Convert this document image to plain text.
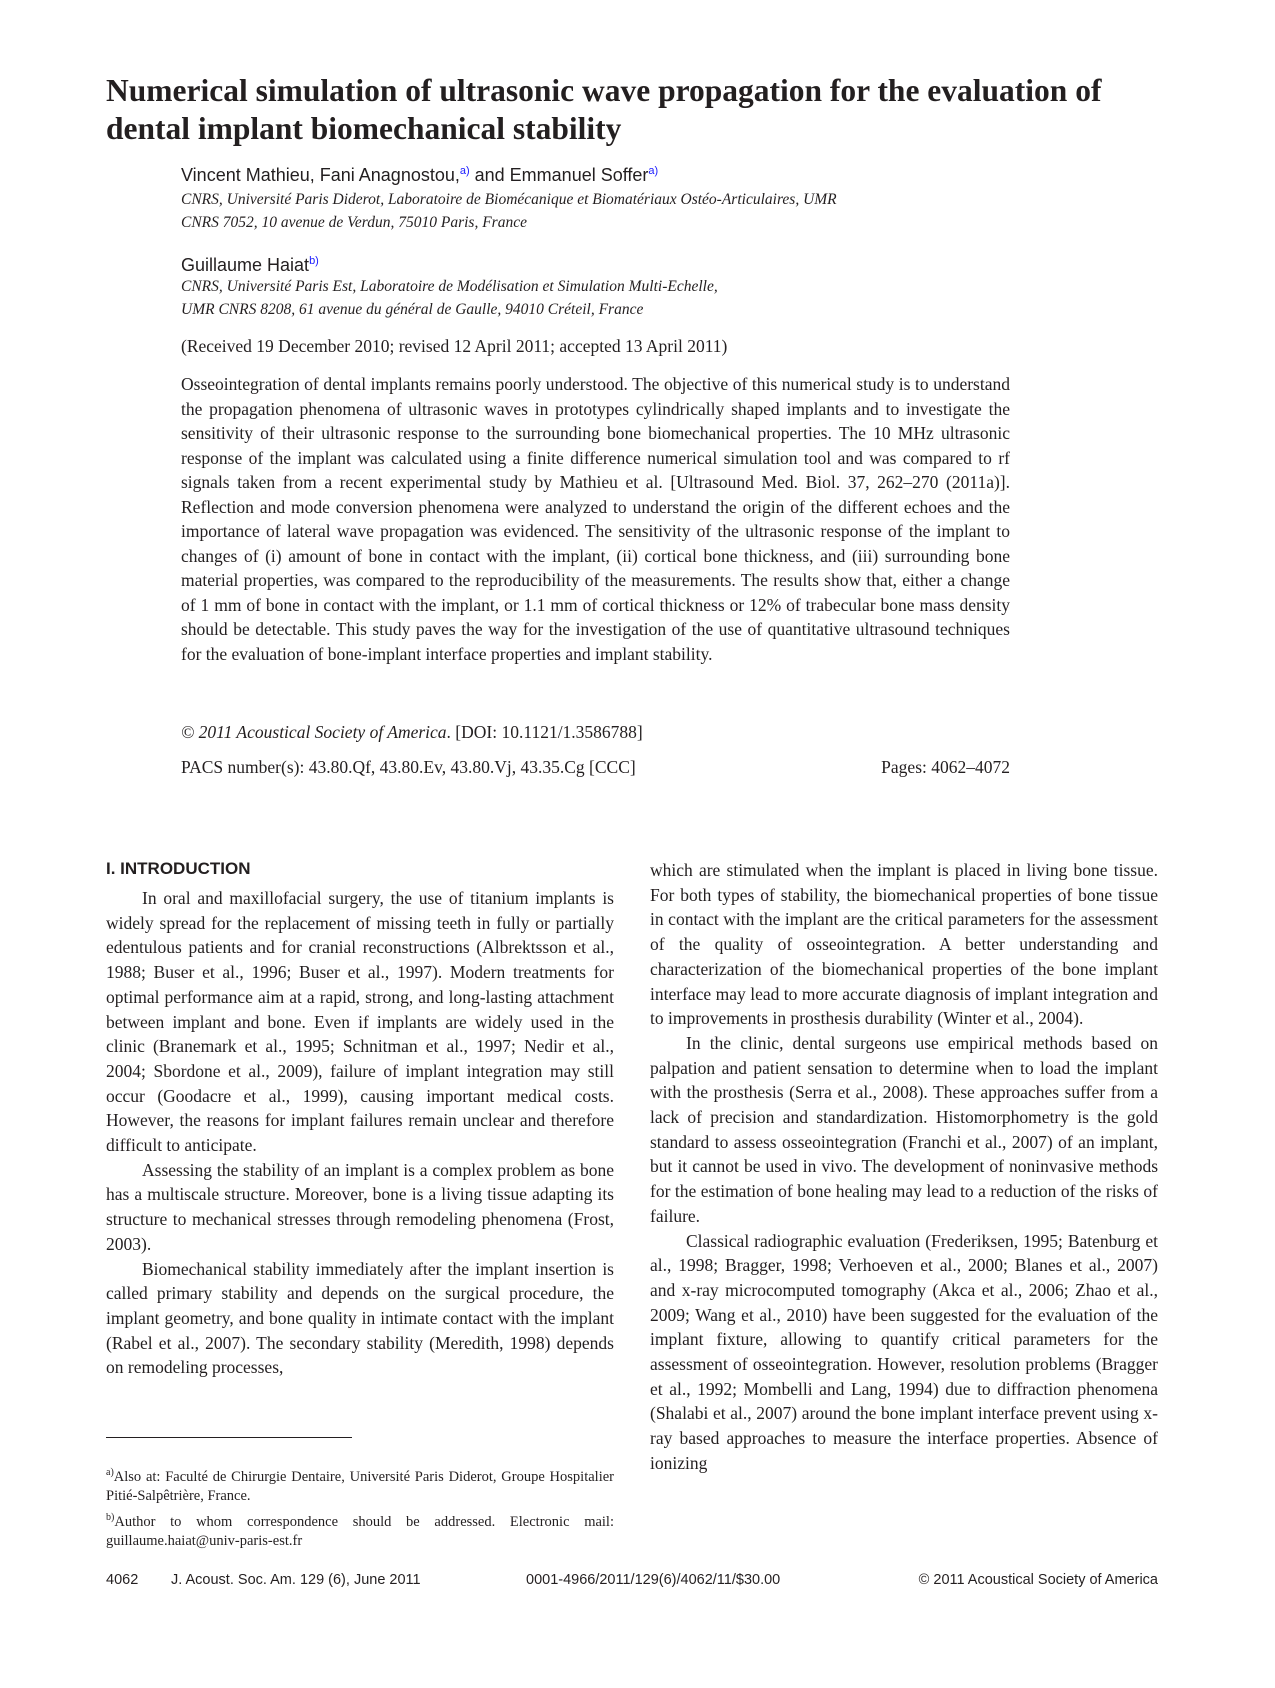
Numerical simulation of ultrasonic wave propagation for the evaluation of dental implant biomechanical stability
Vincent Mathieu, Fani Anagnostou,$^{a)}$ and Emmanuel Soffer$^{a)}$
CNRS, Université Paris Diderot, Laboratoire de Biomécanique et Biomatériaux Ostéo-Articulaires, UMR
CNRS 7052, 10 avenue de Verdun, 75010 Paris, France
Guillaume Haiat$^{b)}$
CNRS, Université Paris Est, Laboratoire de Modélisation et Simulation Multi-Echelle,
UMR CNRS 8208, 61 avenue du général de Gaulle, 94010 Créteil, France
(Received 19 December 2010; revised 12 April 2011; accepted 13 April 2011)

Osseointegration of dental implants remains poorly understood. The objective of this numerical study is to understand the propagation phenomena of ultrasonic waves in prototypes cylindrically shaped implants and to investigate the sensitivity of their ultrasonic response to the surrounding bone biomechanical properties. The 10 MHz ultrasonic response of the implant was calculated using a finite difference numerical simulation tool and was compared to rf signals taken from a recent experimental study by Mathieu et al. [Ultrasound Med. Biol. 37, 262–270 (2011a)]. Reflection and mode conversion phenomena were analyzed to understand the origin of the different echoes and the importance of lateral wave propagation was evidenced. The sensitivity of the ultrasonic response of the implant to changes of (i) amount of bone in contact with the implant, (ii) cortical bone thickness, and (iii) surrounding bone material properties, was compared to the reproducibility of the measurements. The results show that, either a change of 1 mm of bone in contact with the implant, or 1.1 mm of cortical thickness or 12% of trabecular bone mass density should be detectable. This study paves the way for the investigation of the use of quantitative ultrasound techniques for the evaluation of bone-implant interface properties and implant stability.

© 2011 Acoustical Society of America. [DOI: 10.1121/1.3586788]
PACS number(s): 43.80.Qf, 43.80.Ev, 43.80.Vj, 43.35.Cg [CCC]	Pages: 4062–4072
I. INTRODUCTION

In oral and maxillofacial surgery, the use of titanium implants is widely spread for the replacement of missing teeth in fully or partially edentulous patients and for cranial reconstructions (Albrektsson et al., 1988; Buser et al., 1996; Buser et al., 1997). Modern treatments for optimal performance aim at a rapid, strong, and long-lasting attachment between implant and bone. Even if implants are widely used in the clinic (Branemark et al., 1995; Schnitman et al., 1997; Nedir et al., 2004; Sbordone et al., 2009), failure of implant integration may still occur (Goodacre et al., 1999), causing important medical costs. However, the reasons for implant failures remain unclear and therefore difficult to anticipate.

Assessing the stability of an implant is a complex problem as bone has a multiscale structure. Moreover, bone is a living tissue adapting its structure to mechanical stresses through remodeling phenomena (Frost, 2003).

Biomechanical stability immediately after the implant insertion is called primary stability and depends on the surgical procedure, the implant geometry, and bone quality in intimate contact with the implant (Rabel et al., 2007). The secondary stability (Meredith, 1998) depends on remodeling processes,

which are stimulated when the implant is placed in living bone tissue. For both types of stability, the biomechanical properties of bone tissue in contact with the implant are the critical parameters for the assessment of the quality of osseointegration. A better understanding and characterization of the biomechanical properties of the bone implant interface may lead to more accurate diagnosis of implant integration and to improvements in prosthesis durability (Winter et al., 2004).

In the clinic, dental surgeons use empirical methods based on palpation and patient sensation to determine when to load the implant with the prosthesis (Serra et al., 2008). These approaches suffer from a lack of precision and standardization. Histomorphometry is the gold standard to assess osseointegration (Franchi et al., 2007) of an implant, but it cannot be used in vivo. The development of noninvasive methods for the estimation of bone healing may lead to a reduction of the risks of failure.

Classical radiographic evaluation (Frederiksen, 1995; Batenburg et al., 1998; Bragger, 1998; Verhoeven et al., 2000; Blanes et al., 2007) and x-ray microcomputed tomography (Akca et al., 2006; Zhao et al., 2009; Wang et al., 2010) have been suggested for the evaluation of the implant fixture, allowing to quantify critical parameters for the assessment of osseointegration. However, resolution problems (Bragger et al., 1992; Mombelli and Lang, 1994) due to diffraction phenomena (Shalabi et al., 2007) around the bone implant interface prevent using x-ray based approaches to measure the interface properties. Absence of ionizing

$^{a)}$Also at: Faculté de Chirurgie Dentaire, Université Paris Diderot, Groupe Hospitalier Pitié-Salpêtrière, France.

$^{b)}$Author to whom correspondence should be addressed. Electronic mail: guillaume.haiat@univ-paris-est.fr

4062 J. Acoust. Soc. Am. 129 (6), June 2011	0001-4966/2011/129(6)/4062/11/$30.00	© 2011 Acoustical Society of America
